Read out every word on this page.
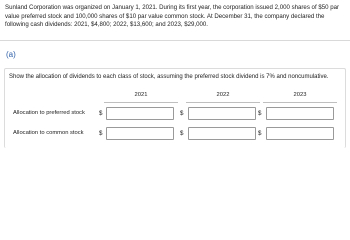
Sunland Corporation was organized on January 1, 2021. During its first year, the corporation issued 2,000 shares of $50 par value preferred stock and 100,000 shares of $10 par value common stock. At December 31, the company declared the following cash dividends: 2021, $4,800; 2022, $13,600; and 2023, $29,000.
(a)
Show the allocation of dividends to each class of stock, assuming the preferred stock dividend is 7% and noncumulative.
2021	2022	2023
Allocation to preferred stock $	$	$
Allocation to common stock $	$	$
